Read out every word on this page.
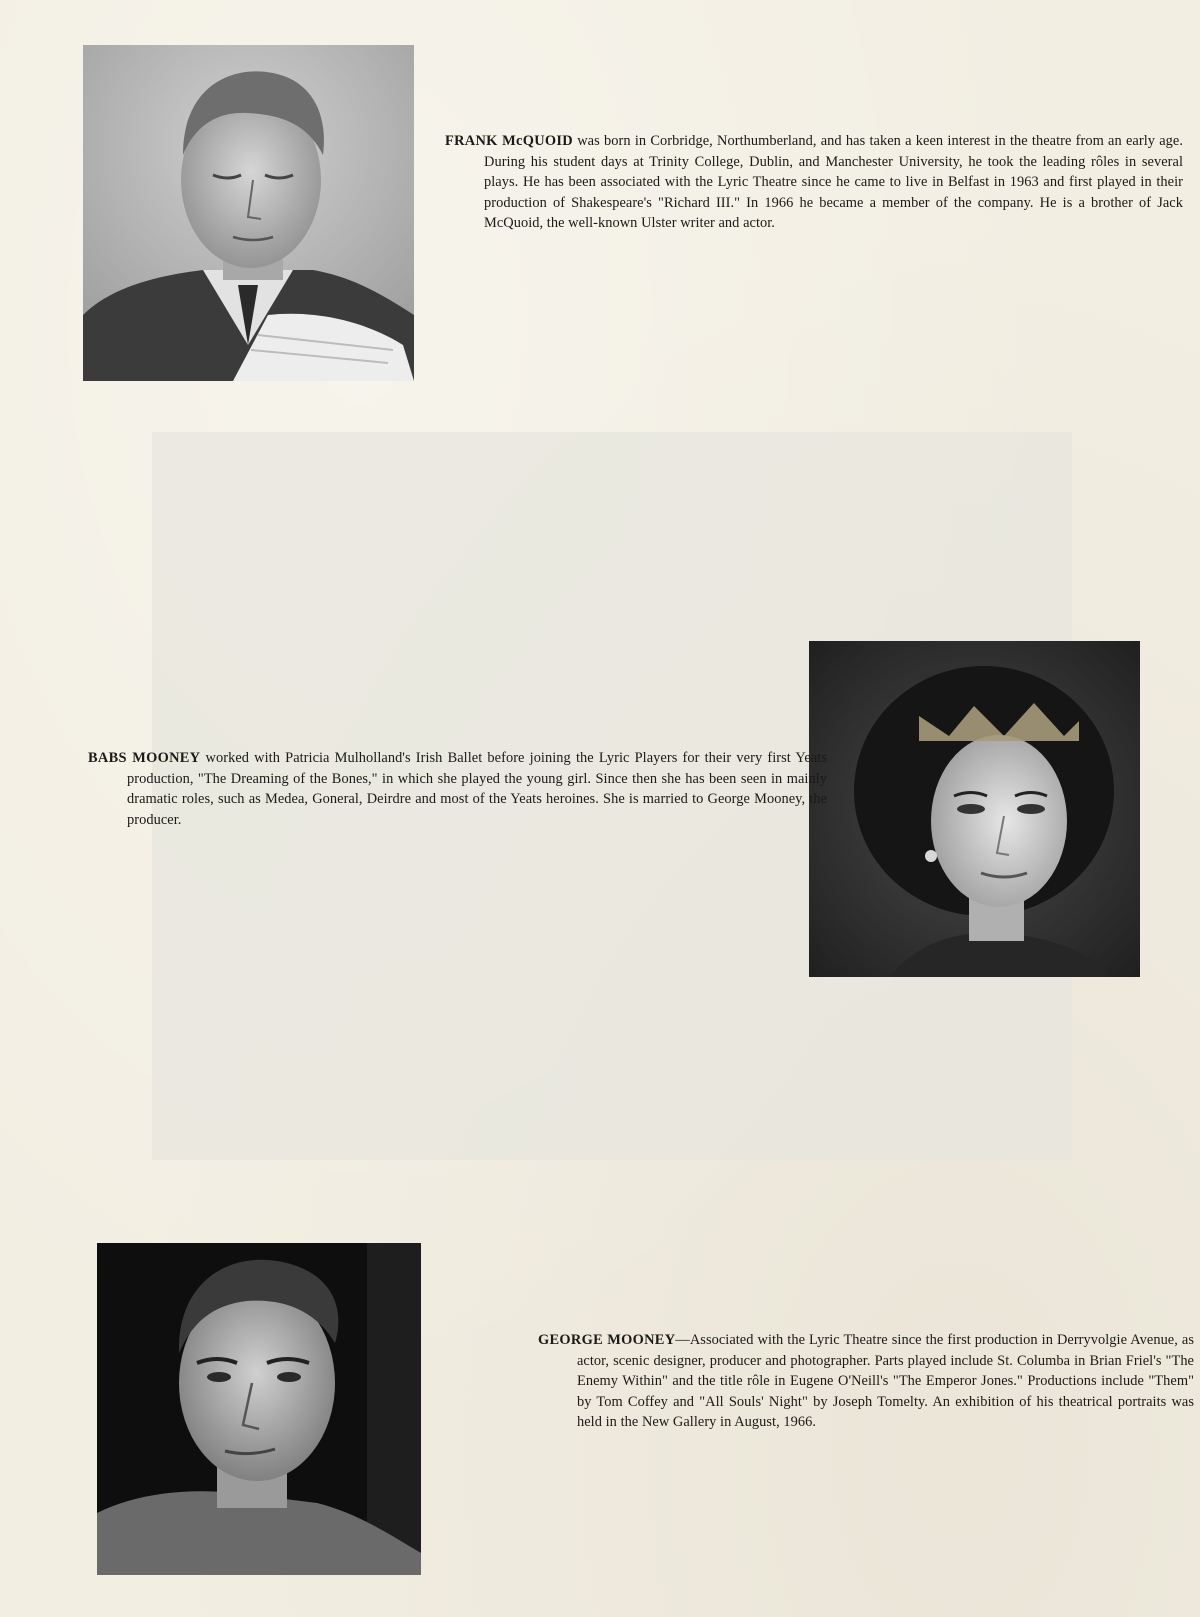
FRANK McQUOID was born in Corbridge, Northumberland, and has taken a keen interest in the theatre from an early age. During his student days at Trinity College, Dublin, and Manchester University, he took the leading rôles in several plays. He has been associated with the Lyric Theatre since he came to live in Belfast in 1963 and first played in their production of Shakespeare's "Richard III." In 1966 he became a member of the company. He is a brother of Jack McQuoid, the well-known Ulster writer and actor.
BABS MOONEY worked with Patricia Mulholland's Irish Ballet before joining the Lyric Players for their very first Yeats production, "The Dreaming of the Bones," in which she played the young girl. Since then she has been seen in mainly dramatic roles, such as Medea, Goneral, Deirdre and most of the Yeats heroines. She is married to George Mooney, the producer.
GEORGE MOONEY—Associated with the Lyric Theatre since the first production in Derryvolgie Avenue, as actor, scenic designer, producer and photographer. Parts played include St. Columba in Brian Friel's "The Enemy Within" and the title rôle in Eugene O'Neill's "The Emperor Jones." Productions include "Them" by Tom Coffey and "All Souls' Night" by Joseph Tomelty. An exhibition of his theatrical portraits was held in the New Gallery in August, 1966.
